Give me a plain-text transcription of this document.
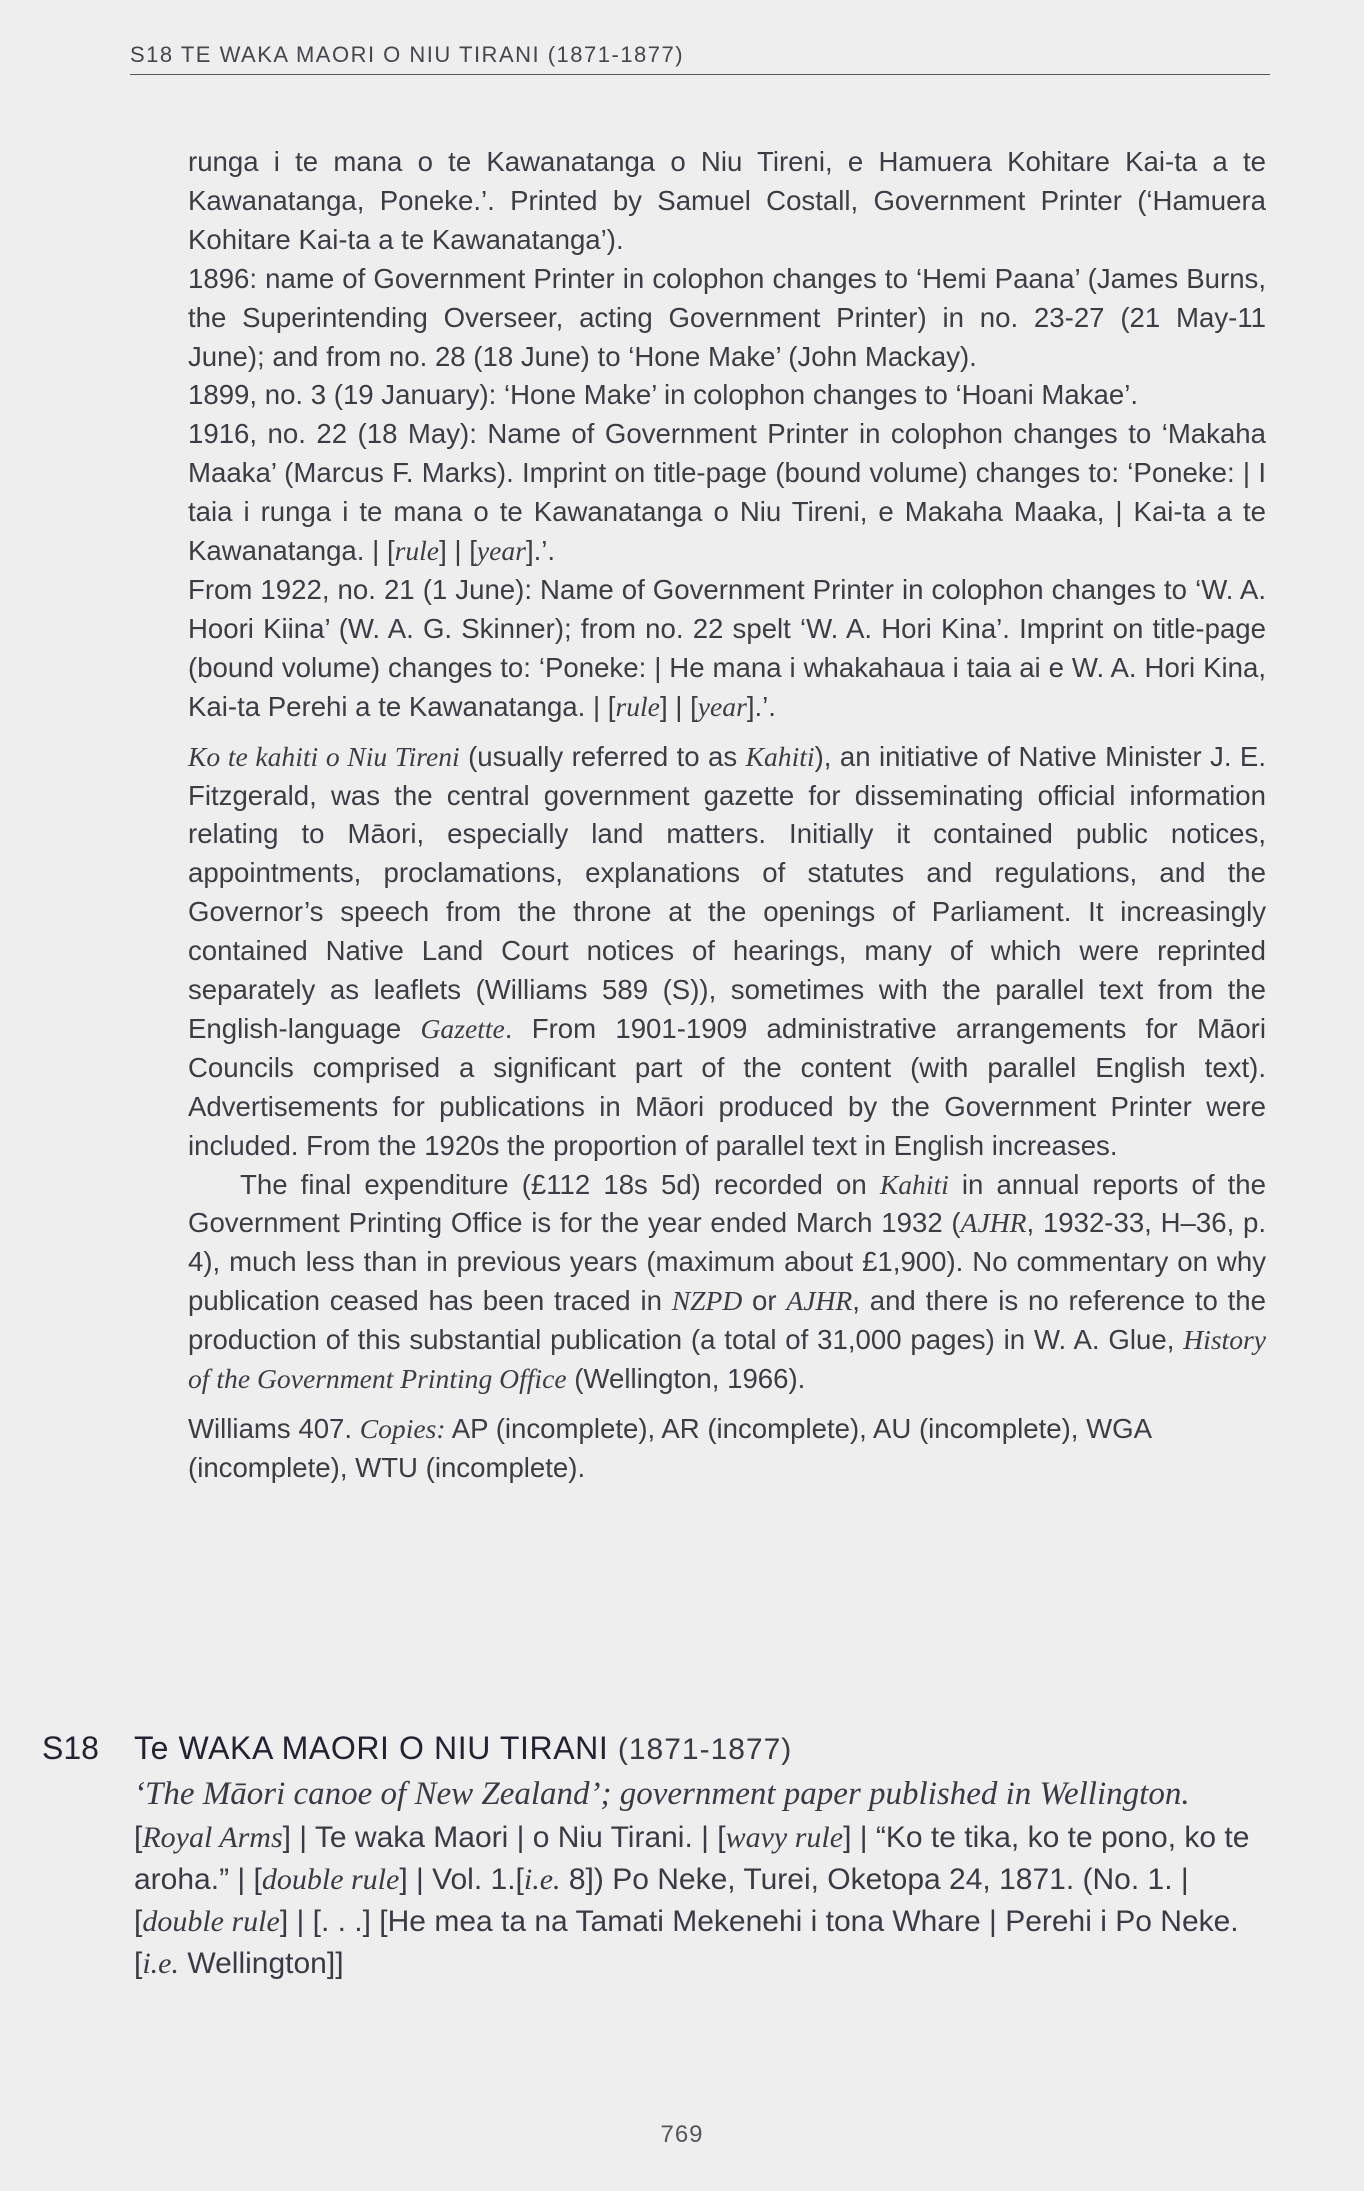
S18 TE WAKA MAORI O NIU TIRANI (1871-1877)

runga i te mana o te Kawanatanga o Niu Tireni, e Hamuera Kohitare Kai-ta a te Kawanatanga, Poneke.’. Printed by Samuel Costall, Government Printer (‘Hamuera Kohitare Kai-ta a te Kawanatanga’).

1896: name of Government Printer in colophon changes to ‘Hemi Paana’ (James Burns, the Superintending Overseer, acting Government Printer) in no. 23-27 (21 May-11 June); and from no. 28 (18 June) to ‘Hone Make’ (John Mackay).

1899, no. 3 (19 January): ‘Hone Make’ in colophon changes to ‘Hoani Makae’.

1916, no. 22 (18 May): Name of Government Printer in colophon changes to ‘Makaha Maaka’ (Marcus F. Marks). Imprint on title-page (bound volume) changes to: ‘Poneke: | I taia i runga i te mana o te Kawanatanga o Niu Tireni, e Makaha Maaka, | Kai-ta a te Kawanatanga. | [rule] | [year].’.

From 1922, no. 21 (1 June): Name of Government Printer in colophon changes to ‘W. A. Hoori Kiina’ (W. A. G. Skinner); from no. 22 spelt ‘W. A. Hori Kina’. Imprint on title-page (bound volume) changes to: ‘Poneke: | He mana i whakahaua i taia ai e W. A. Hori Kina, Kai-ta Perehi a te Kawanatanga. | [rule] | [year].’.

Ko te kahiti o Niu Tireni (usually referred to as Kahiti), an initiative of Native Minister J. E. Fitzgerald, was the central government gazette for disseminating official information relating to Māori, especially land matters. Initially it contained public notices, appointments, proclamations, explanations of statutes and regulations, and the Governor’s speech from the throne at the openings of Parliament. It increasingly contained Native Land Court notices of hearings, many of which were reprinted separately as leaflets (Williams 589 (S)), sometimes with the parallel text from the English-language Gazette. From 1901-1909 administrative arrangements for Māori Councils comprised a significant part of the content (with parallel English text). Advertisements for publications in Māori produced by the Government Printer were included. From the 1920s the proportion of parallel text in English increases.

The final expenditure (£112 18s 5d) recorded on Kahiti in annual reports of the Government Printing Office is for the year ended March 1932 (AJHR, 1932-33, H–36, p. 4), much less than in previous years (maximum about £1,900). No commentary on why publication ceased has been traced in NZPD or AJHR, and there is no reference to the production of this substantial publication (a total of 31,000 pages) in W. A. Glue, History of the Government Printing Office (Wellington, 1966).

Williams 407. Copies: AP (incomplete), AR (incomplete), AU (incomplete), WGA (incomplete), WTU (incomplete).

S18 Te WAKA MAORI O NIU TIRANI (1871-1877)
‘The Māori canoe of New Zealand’; government paper published in Wellington.
[Royal Arms] | Te waka Maori | o Niu Tirani. | [wavy rule] | “Ko te tika, ko te pono, ko te aroha.” | [double rule] | Vol. 1.[i.e. 8]) Po Neke, Turei, Oketopa 24, 1871. (No. 1. | [double rule] | [. . .] [He mea ta na Tamati Mekenehi i tona Whare | Perehi i Po Neke.[i.e. Wellington]]
769
